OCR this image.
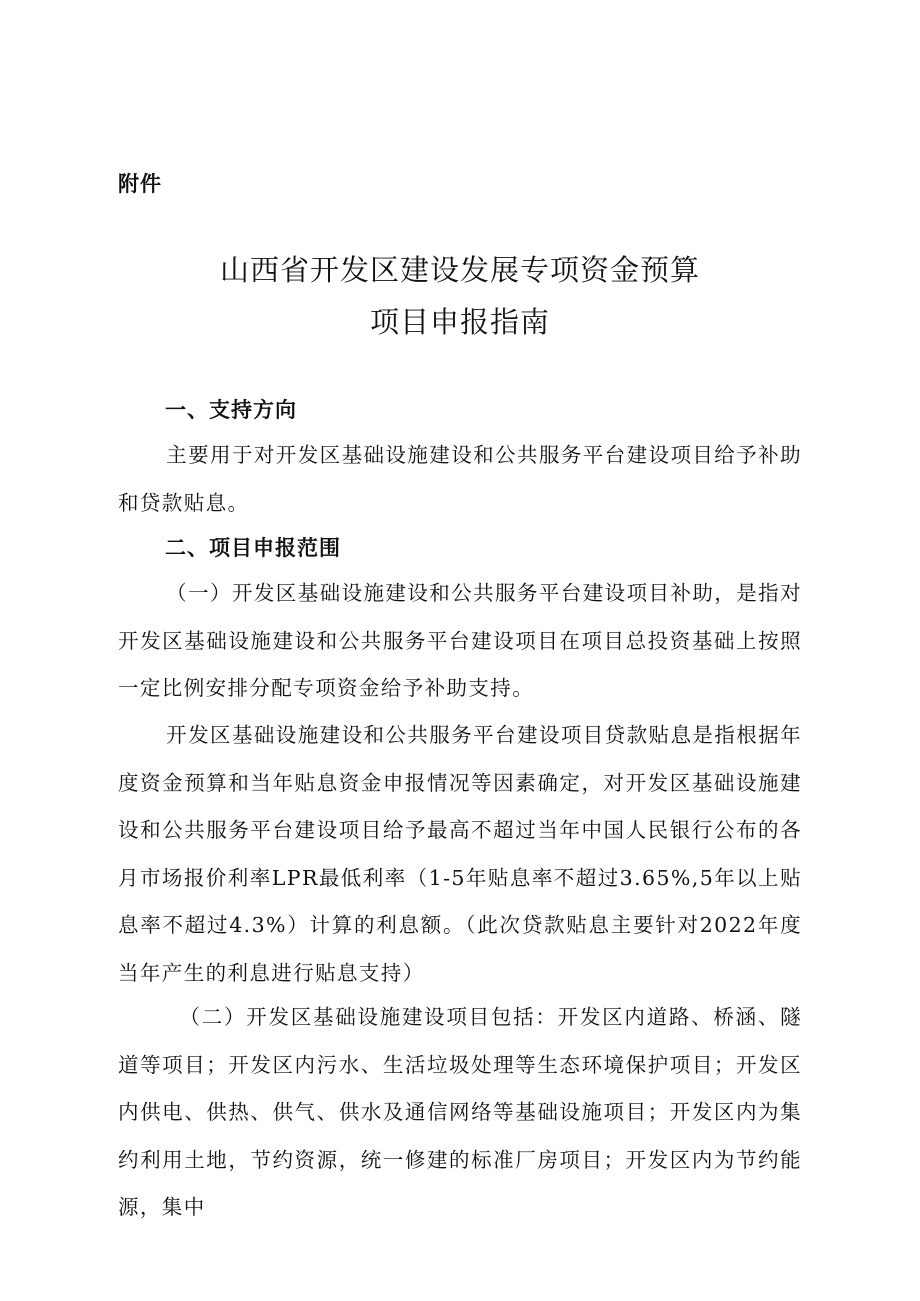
附件
山西省开发区建设发展专项资金预算
项目申报指南
一、支持方向
主要用于对开发区基础设施建设和公共服务平台建设项目给予补助和贷款贴息。
二、项目申报范围
（一）开发区基础设施建设和公共服务平台建设项目补助，是指对开发区基础设施建设和公共服务平台建设项目在项目总投资基础上按照一定比例安排分配专项资金给予补助支持。
开发区基础设施建设和公共服务平台建设项目贷款贴息是指根据年度资金预算和当年贴息资金申报情况等因素确定，对开发区基础设施建设和公共服务平台建设项目给予最高不超过当年中国人民银行公布的各月市场报价利率LPR最低利率（1-5年贴息率不超过3.65%,5年以上贴息率不超过4.3%）计算的利息额。（此次贷款贴息主要针对2022年度当年产生的利息进行贴息支持）
（二）开发区基础设施建设项目包括：开发区内道路、桥涵、隧道等项目；开发区内污水、生活垃圾处理等生态环境保护项目；开发区内供电、供热、供气、供水及通信网络等基础设施项目；开发区内为集约利用土地，节约资源，统一修建的标准厂房项目；开发区内为节约能源，集中
